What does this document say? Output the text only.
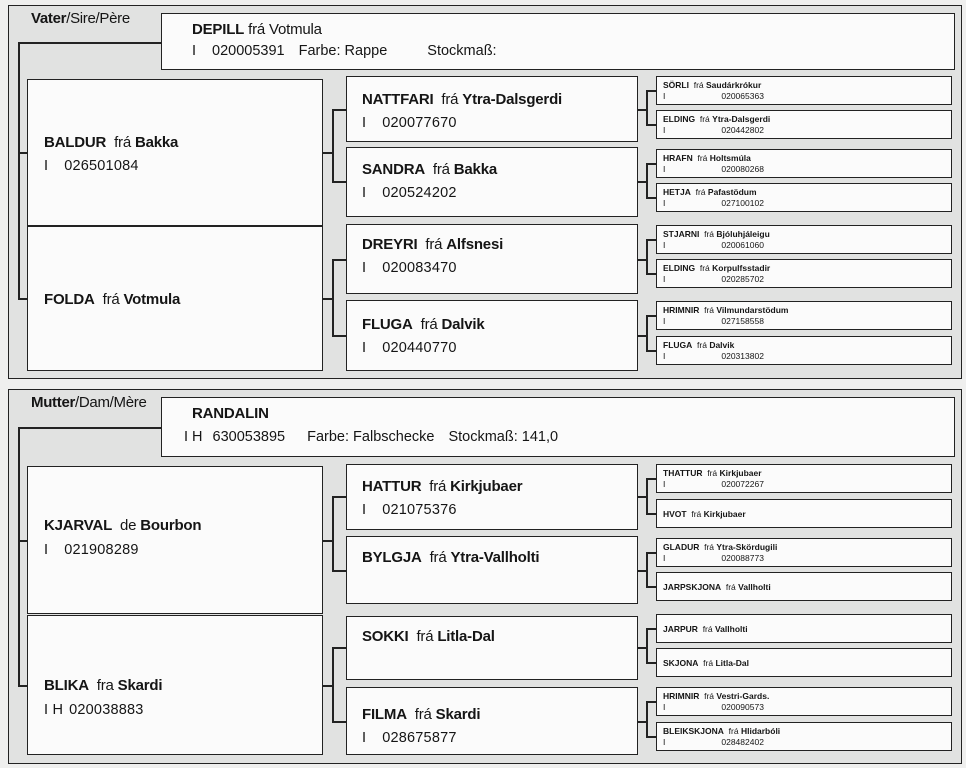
Vater/Sire/Père
DEPILL frá Votmula
I 020005391 Farbe: Rappe	Stockmaß:
BALDUR frá Bakka
I 026501084
FOLDA frá Votmula
NATTFARI frá Ytra-Dalsgerdi
I 020077670
SANDRA frá Bakka
I 020524202
DREYRI frá Alfsnesi
I 020083470
FLUGA frá Dalvik
I 020440770
SÖRLI frá Saudárkrókur
I	020065363
ELDING frá Ytra-Dalsgerdi
I	020442802
HRAFN frá Holtsmúla
I	020080268
HETJA frá Pafastödum
I	027100102
STJARNI frá Bjóluhjáleigu
I	020061060
ELDING frá Korpulfsstadir
I	020285702
HRIMNIR frá Vilmundarstödum
I	027158558
FLUGA frá Dalvik
I	020313802
Mutter/Dam/Mère
RANDALIN
I H 630053895 Farbe: Falbschecke Stockmaß: 141,0
KJARVAL de Bourbon
I 021908289
BLIKA fra Skardi
I H 020038883
HATTUR frá Kirkjubaer
I 021075376
BYLGJA frá Ytra-Vallholti
SOKKI frá Litla-Dal
FILMA frá Skardi
I 028675877
THATTUR frá Kirkjubaer
I	020072267
HVOT frá Kirkjubaer
GLADUR frá Ytra-Skördugili
I	020088773
JARPSKJONA frá Vallholti
JARPUR frá Vallholti
SKJONA frá Litla-Dal
HRIMNIR frá Vestri-Gards.
I	020090573
BLEIKSKJONA frá Hlidarbóli
I	028482402
